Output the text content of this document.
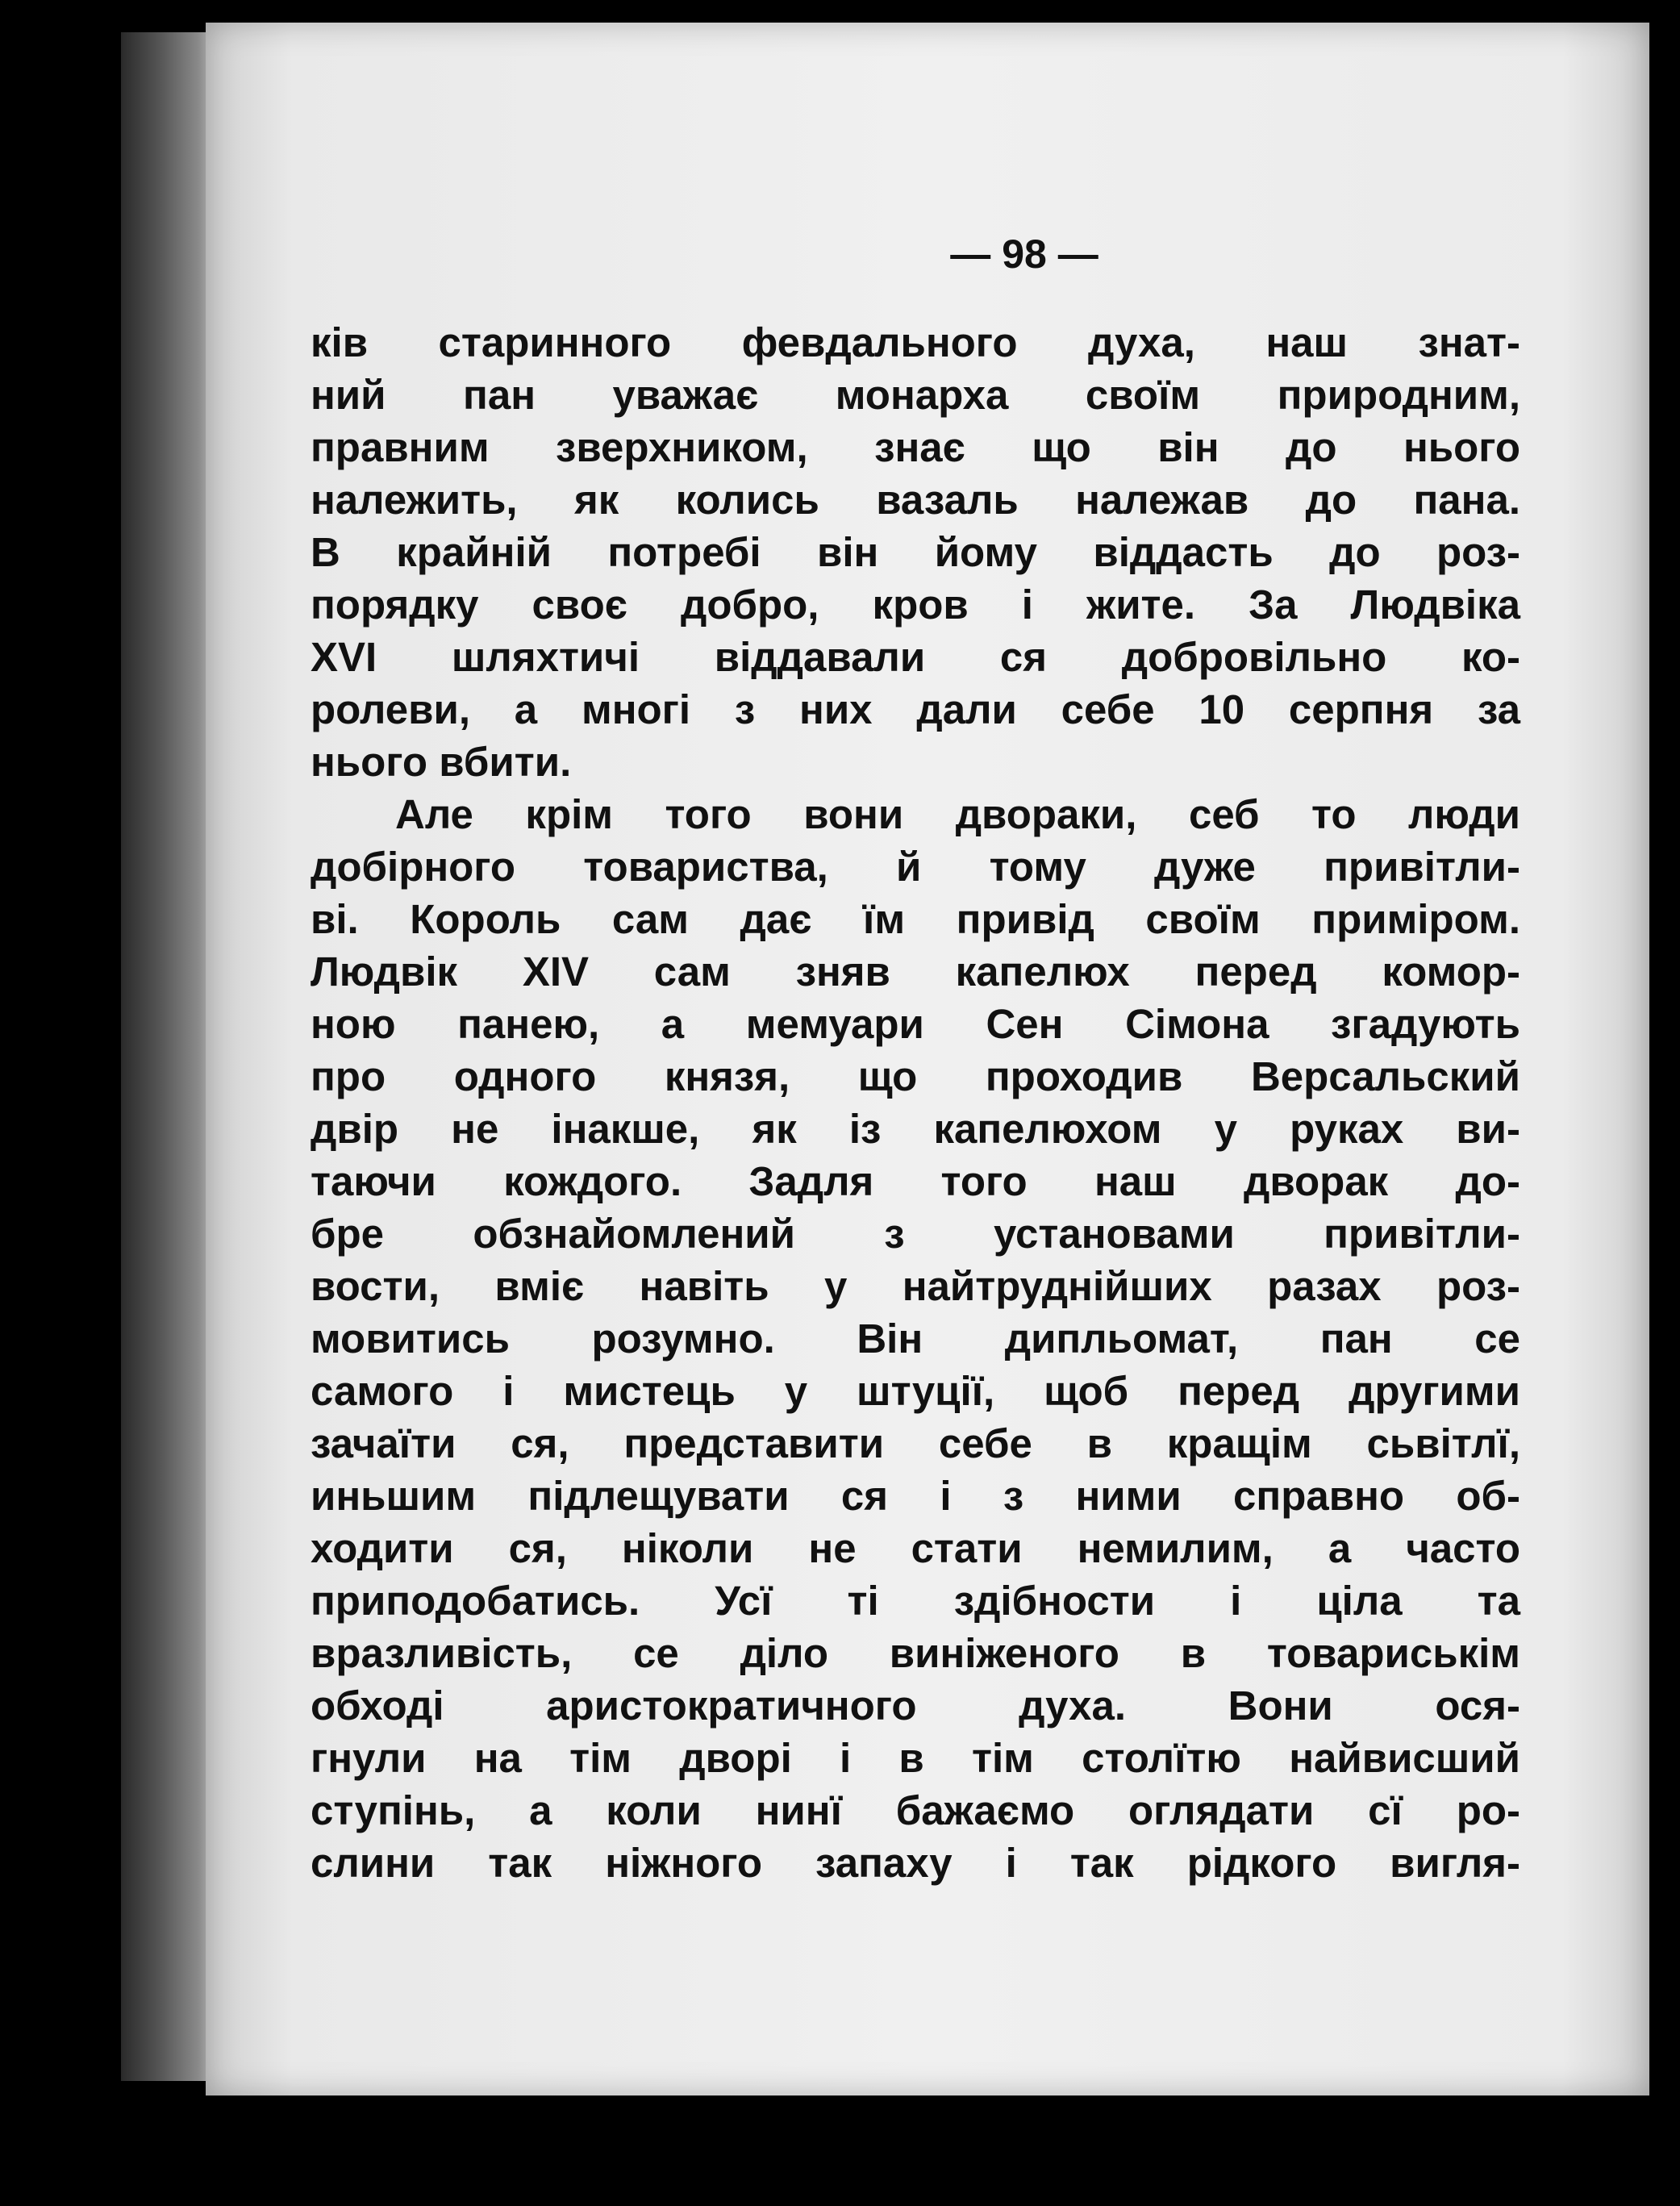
— 98 —
ків старинного февдального духа, наш знат-
ний пан уважає монарха своїм природним,
правним зверхником, знає що він до нього
належить, як колись вазаль належав до пана.
В крайній потребі він йому віддасть до роз-
порядку своє добро, кров і жите. За Людвіка
XVI шляхтичі віддавали ся добровільно ко-
ролеви, а многі з них дали себе 10 серпня за
нього вбити.
Але крім того вони двораки, себ то люди
добірного товариства, й тому дуже привітли-
ві. Король сам дає їм привід своїм приміром.
Людвік XIV сам зняв капелюх перед комор-
ною панею, а мемуари Сен Сімона згадують
про одного князя, що проходив Версальский
двір не інакше, як із капелюхом у руках ви-
таючи кождого. Задля того наш дворак до-
бре обзнайомлений з установами привітли-
вости, вміє навіть у найтруднійших разах роз-
мовитись розумно. Він дипльомат, пан се
самого і мистець у штуції, щоб перед другими
зачаїти ся, представити себе в кращім сьвітлї,
иньшим підлещувати ся і з ними справно об-
ходити ся, ніколи не стати немилим, а часто
приподобатись. Усї ті здібности і ціла та
вразливість, се діло виніженого в товариськім
обході аристократичного духа. Вони ося-
гнули на тім дворі і в тім столїтю найвисший
ступінь, а коли нинї бажаємо оглядати сї ро-
слини так ніжного запаху і так рідкого вигля-
